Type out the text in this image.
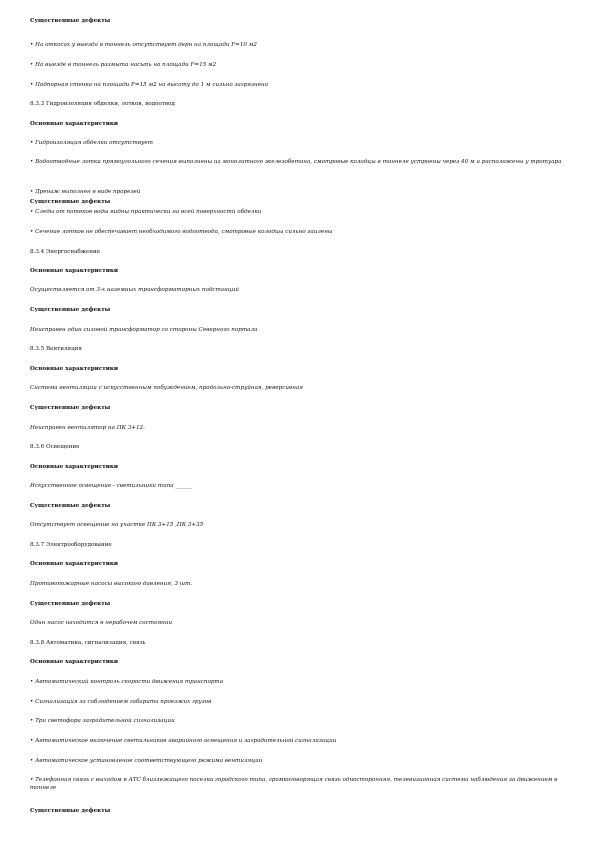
Существенные дефекты
• На откосах у выезда в тоннель отсутствует дерн на площади F=10 м2
• На выезде в тоннель размыта насыпь на площади F=15 м2
• Подпорная стенка на площади F=15 м2 на высоту до 1 м сильно загрязнена
8.3.3 Гидроизоляция обделки, лотков, водоотвод
Основные характеристики
• Гидроизоляция обделки отсутствует
• Водоотводные лотки прямоугольного сечения выполнены из монолитного железобетона, смотровые колодцы в тоннеле устроены через 40 м и расположены у тротуара
• Дренаж выполнен в виде прорезей
• Следы от потеков воды видны практически на всей поверхности обделки
• Сечение лотков не обеспечивает необходимого водоотвода, смотровые колодцы сильно заилены
8.3.4 Энергоснабжение
Основные характеристики
Осуществляется от 3-х наземных трансформаторных подстанций
Существенные дефекты
Неисправен один силовой трансформатор со стороны Северного портала
8.3.5 Вентиляция
Основные характеристики
Система вентиляции с искусственным побуждением, продольно-струйная, реверсивная
Существенные дефекты
Неисправен вентилятор на ПК 3+12.
8.3.6 Освещение
Основные характеристики
Искусственное освещение - светильники типа ______
Существенные дефекты
Отсутствует освещение на участке ПК 3+15 ,ПК 3+35
8.3.7 Электрооборудование
Основные характеристики
Противопожарные насосы высокого давления, 3 шт.
Существенные дефекты
Один насос находится в нерабочем состоянии
8.3.8 Автоматика, сигнализация, связь
Основные характеристики
• Автоматический контроль скорости движения транспорта
• Сигнализация за соблюдением габарита проезжих грузов
• Три светофора заградительной сигнализации
• Автоматическое включение светильников аварийного освещения и заградительной сигнализации
• Автоматическое установление соответствующего режима вентиляции
• Телефонная связь с выходом в АТС близлежащего поселка городского типа, громкоговорящая связь односторонняя, телевизионная система наблюдения за движением в тоннеле
Существенные дефекты
Существенные дефекты
